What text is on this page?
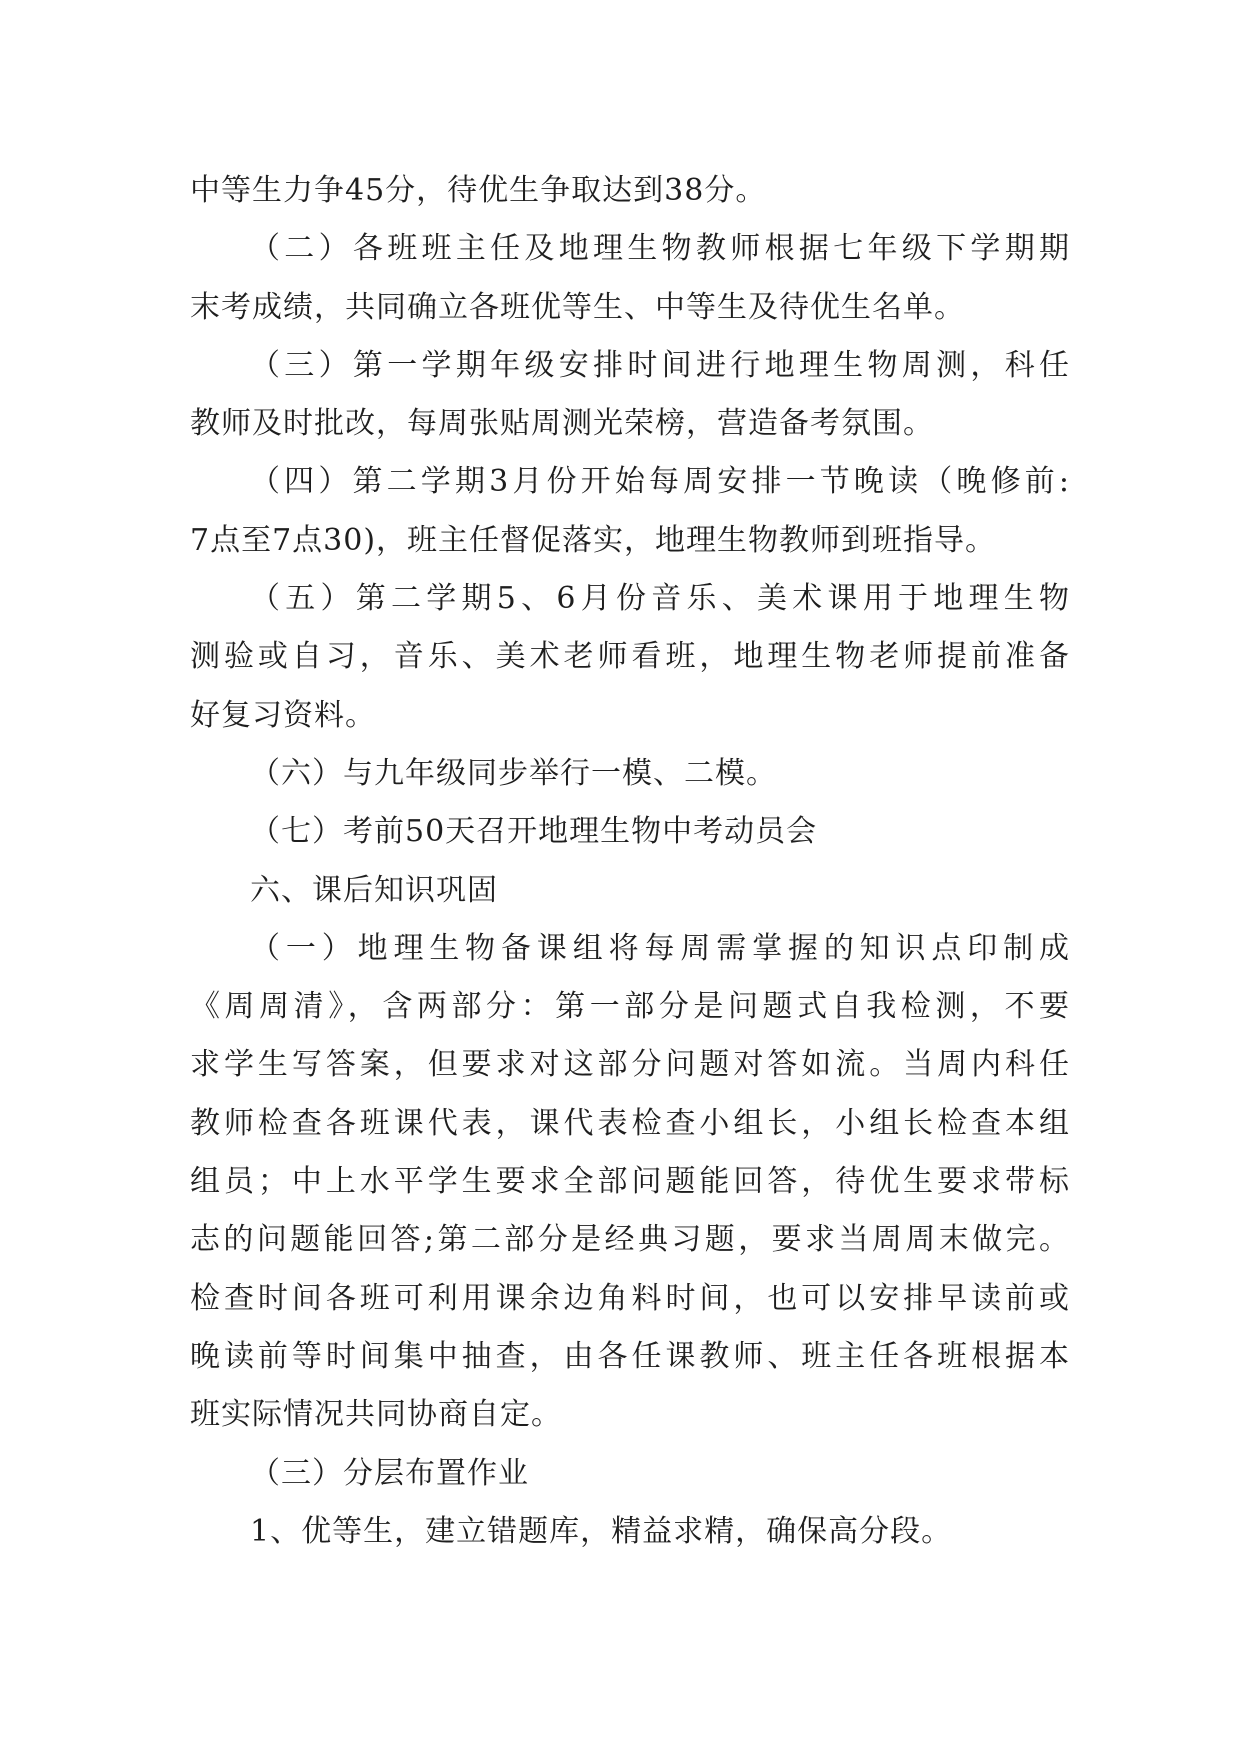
中等生力争45分，待优生争取达到38分。
（二）各班班主任及地理生物教师根据七年级下学期期
末考成绩，共同确立各班优等生、中等生及待优生名单。
（三）第一学期年级安排时间进行地理生物周测，科任
教师及时批改，每周张贴周测光荣榜，营造备考氛围。
（四）第二学期3月份开始每周安排一节晚读（晚修前:
7点至7点30)，班主任督促落实，地理生物教师到班指导。
（五）第二学期5、6月份音乐、美术课用于地理生物
测验或自习，音乐、美术老师看班，地理生物老师提前准备
好复习资料。
（六）与九年级同步举行一模、二模。
（七）考前50天召开地理生物中考动员会
六、课后知识巩固
（一）地理生物备课组将每周需掌握的知识点印制成
《周周清》，含两部分：第一部分是问题式自我检测，不要
求学生写答案，但要求对这部分问题对答如流。当周内科任
教师检查各班课代表，课代表检查小组长，小组长检查本组
组员；中上水平学生要求全部问题能回答，待优生要求带标
志的问题能回答;第二部分是经典习题，要求当周周末做完。
检查时间各班可利用课余边角料时间，也可以安排早读前或
晚读前等时间集中抽查，由各任课教师、班主任各班根据本
班实际情况共同协商自定。
（三）分层布置作业
1、优等生，建立错题库，精益求精，确保高分段。
